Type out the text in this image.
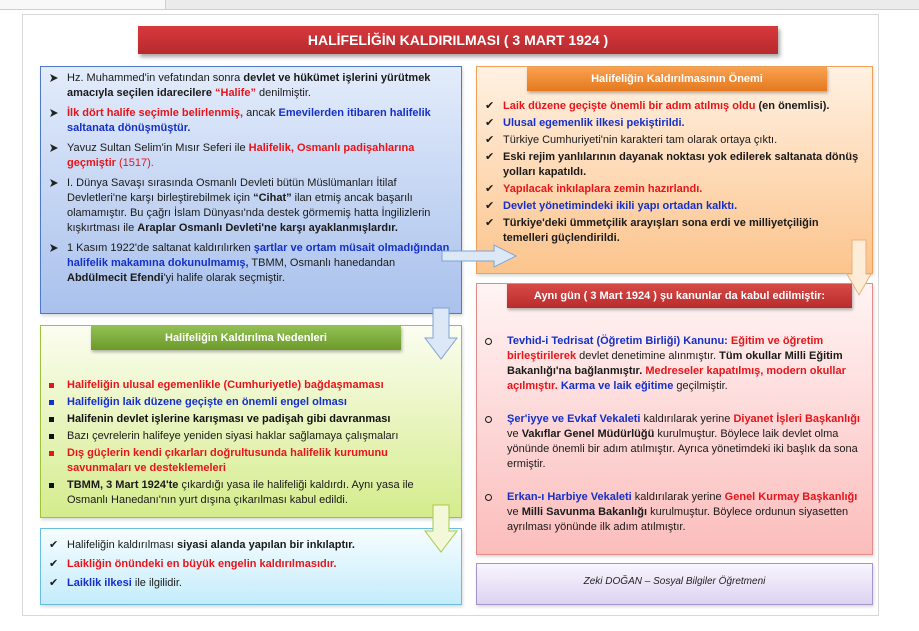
HALİFELİĞİN KALDIRILMASI ( 3 MART 1924 )
Hz. Muhammed'in vefatından sonra devlet ve hükümet işlerini yürütmek amacıyla seçilen idarecilere “Halife” denilmiştir.
İlk dört halife seçimle belirlenmiş, ancak Emevilerden itibaren halifelik saltanata dönüşmüştür.
Yavuz Sultan Selim'in Mısır Seferi ile Halifelik, Osmanlı padişahlarına geçmiştir (1517).
I. Dünya Savaşı sırasında Osmanlı Devleti bütün Müslümanları İtilaf Devletleri'ne karşı birleştirebilmek için “Cihat” ilan etmiş ancak başarılı olamamıştır. Bu çağrı İslam Dünyası'nda destek görmemiş hatta İngilizlerin kışkırtması ile Araplar Osmanlı Devleti'ne karşı ayaklanmışlardır.
1 Kasım 1922'de saltanat kaldırılırken şartlar ve ortam müsait olmadığından halifelik makamına dokunulmamış, TBMM, Osmanlı hanedandan Abdülmecit Efendi'yi halife olarak seçmiştir.
Halifeliğin Kaldırılma Nedenleri
Halifeliğin ulusal egemenlikle (Cumhuriyetle) bağdaşmaması
Halifeliğin laik düzene geçişte en önemli engel olması
Halifenin devlet işlerine karışması ve padişah gibi davranması
Bazı çevrelerin halifeye yeniden siyasi haklar sağlamaya çalışmaları
Dış güçlerin kendi çıkarları doğrultusunda halifelik kurumunu savunmaları ve desteklemeleri
TBMM, 3 Mart 1924'te çıkardığı yasa ile halifeliği kaldırdı. Aynı yasa ile Osmanlı Hanedanı'nın yurt dışına çıkarılması kabul edildi.
✔ Halifeliğin kaldırılması siyasi alanda yapılan bir inkılaptır.
✔ Laikliğin önündeki en büyük engelin kaldırılmasıdır.
✔ Laiklik ilkesi ile ilgilidir.
Halifeliğin Kaldırılmasının Önemi
✔ Laik düzene geçişte önemli bir adım atılmış oldu (en önemlisi).
✔ Ulusal egemenlik ilkesi pekiştirildi.
✔ Türkiye Cumhuriyeti'nin karakteri tam olarak ortaya çıktı.
✔ Eski rejim yanlılarının dayanak noktası yok edilerek saltanata dönüş yolları kapatıldı.
✔ Yapılacak inkılaplara zemin hazırlandı.
✔ Devlet yönetimindeki ikili yapı ortadan kalktı.
✔ Türkiye'deki ümmetçilik arayışları sona erdi ve milliyetçiliğin temelleri güçlendirildi.
Aynı gün ( 3 Mart 1924 ) şu kanunlar da kabul edilmiştir:
Tevhid-i Tedrisat (Öğretim Birliği) Kanunu: Eğitim ve öğretim birleştirilerek devlet denetimine alınmıştır. Tüm okullar Milli Eğitim Bakanlığı'na bağlanmıştır. Medreseler kapatılmış, modern okullar açılmıştır. Karma ve laik eğitime geçilmiştir.
Şer'iyye ve Evkaf Vekaleti kaldırılarak yerine Diyanet İşleri Başkanlığı ve Vakıflar Genel Müdürlüğü kurulmuştur. Böylece laik devlet olma yönünde önemli bir adım atılmıştır. Ayrıca yönetimdeki iki başlık da sona ermiştir.
Erkan-ı Harbiye Vekaleti kaldırılarak yerine Genel Kurmay Başkanlığı ve Milli Savunma Bakanlığı kurulmuştur. Böylece ordunun siyasetten ayrılması yönünde ilk adım atılmıştır.
Zeki DOĞAN – Sosyal Bilgiler Öğretmeni
